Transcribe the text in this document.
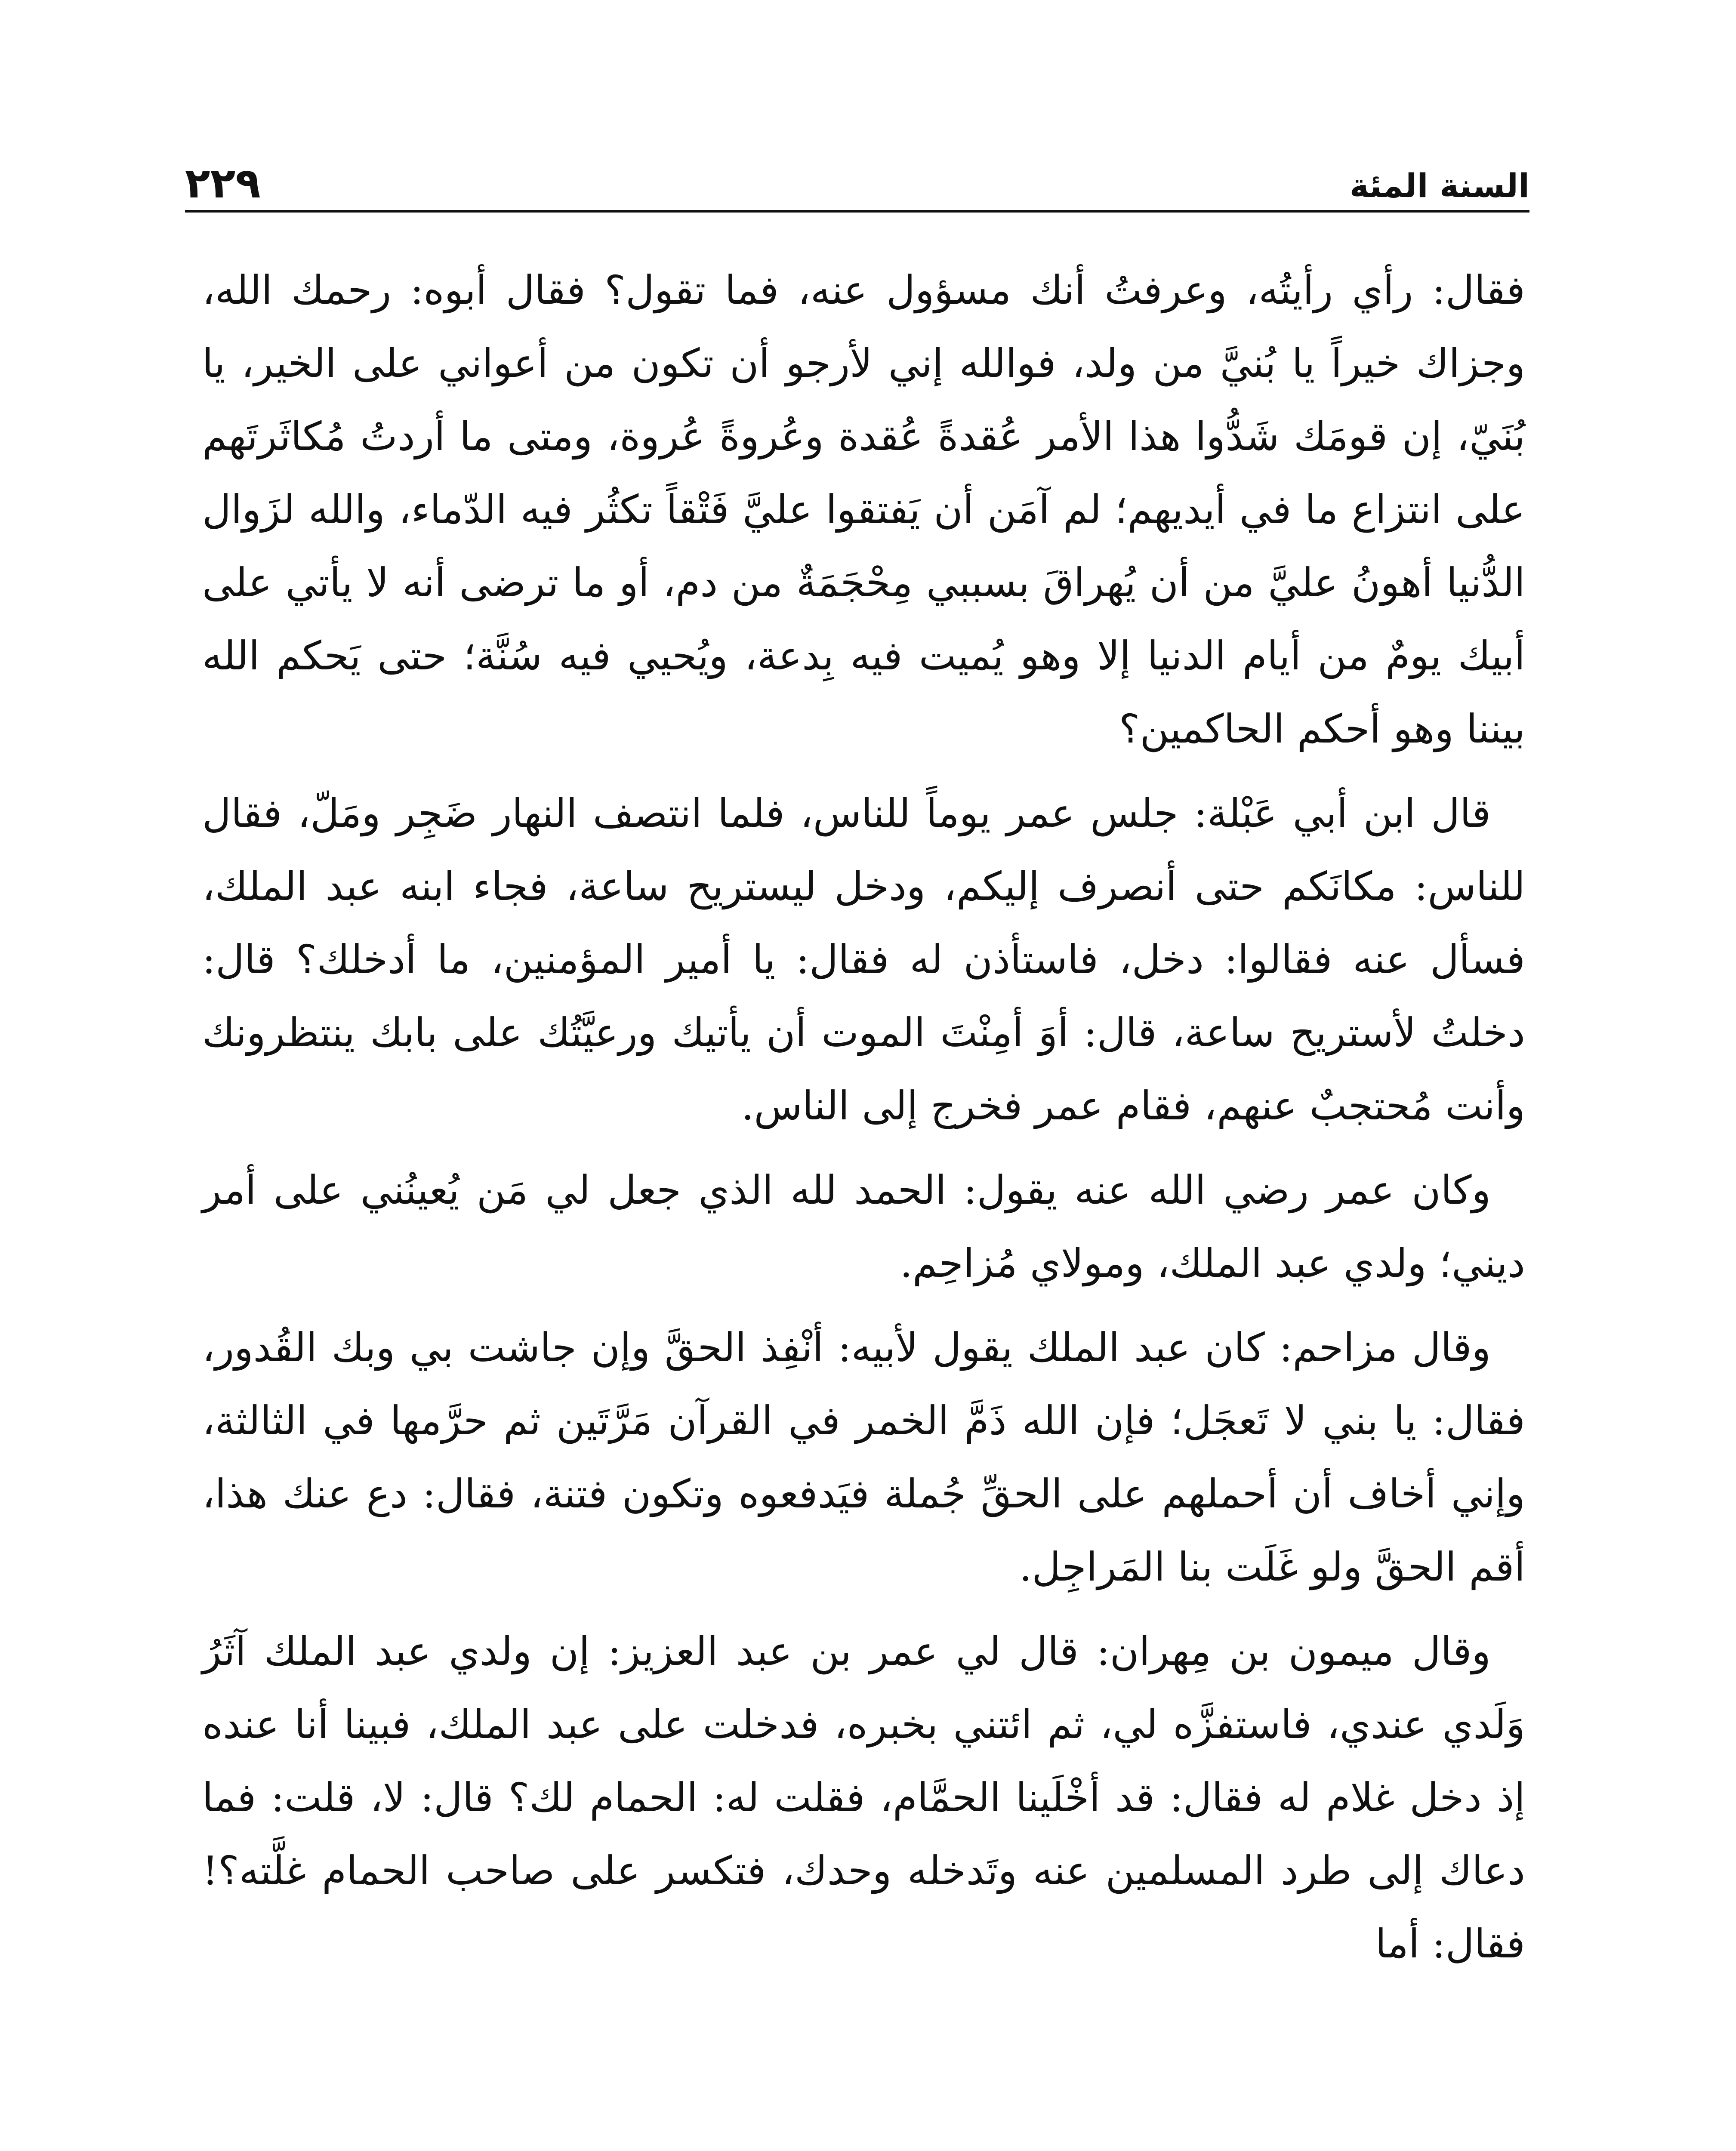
السنة المئة
٢٢٩

فقال: رأي رأيتُه، وعرفتُ أنك مسؤول عنه، فما تقول؟ فقال أبوه: رحمك الله، وجزاك خيراً يا بُنيَّ من ولد، فوالله إني لأرجو أن تكون من أعواني على الخير، يا بُنَيّ، إن قومَك شَدُّوا هذا الأمر عُقدةً عُقدة وعُروةً عُروة، ومتى ما أردتُ مُكاثَرتَهم على انتزاع ما في أيديهم؛ لم آمَن أن يَفتقوا عليَّ فَتْقاً تكثُر فيه الدّماء، والله لزَوال الدُّنيا أهونُ عليَّ من أن يُهراقَ بسببي مِحْجَمَةٌ من دم، أو ما ترضى أنه لا يأتي على أبيك يومٌ من أيام الدنيا إلا وهو يُميت فيه بِدعة، ويُحيي فيه سُنَّة؛ حتى يَحكم الله بيننا وهو أحكم الحاكمين؟

قال ابن أبي عَبْلة: جلس عمر يوماً للناس، فلما انتصف النهار ضَجِر ومَلّ، فقال للناس: مكانَكم حتى أنصرف إليكم، ودخل ليستريح ساعة، فجاء ابنه عبد الملك، فسأل عنه فقالوا: دخل، فاستأذن له فقال: يا أمير المؤمنين، ما أدخلك؟ قال: دخلتُ لأستريح ساعة، قال: أوَ أمِنْتَ الموت أن يأتيك ورعيَّتُك على بابك ينتظرونك وأنت مُحتجبٌ عنهم، فقام عمر فخرج إلى الناس.

وكان عمر رضي الله عنه يقول: الحمد لله الذي جعل لي مَن يُعينُني على أمر ديني؛ ولدي عبد الملك، ومولاي مُزاحِم.

وقال مزاحم: كان عبد الملك يقول لأبيه: أنْفِذ الحقَّ وإن جاشت بي وبك القُدور، فقال: يا بني لا تَعجَل؛ فإن الله ذَمَّ الخمر في القرآن مَرَّتَين ثم حرَّمها في الثالثة، وإني أخاف أن أحملهم على الحقِّ جُملة فيَدفعوه وتكون فتنة، فقال: دع عنك هذا، أقم الحقَّ ولو غَلَت بنا المَراجِل.

وقال ميمون بن مِهران: قال لي عمر بن عبد العزيز: إن ولدي عبد الملك آثَرُ وَلَدي عندي، فاستفزَّه لي، ثم ائتني بخبره، فدخلت على عبد الملك، فبينا أنا عنده إذ دخل غلام له فقال: قد أخْلَينا الحمَّام، فقلت له: الحمام لك؟ قال: لا، قلت: فما دعاك إلى طرد المسلمين عنه وتَدخله وحدك، فتكسر على صاحب الحمام غلَّته؟! فقال: أما
